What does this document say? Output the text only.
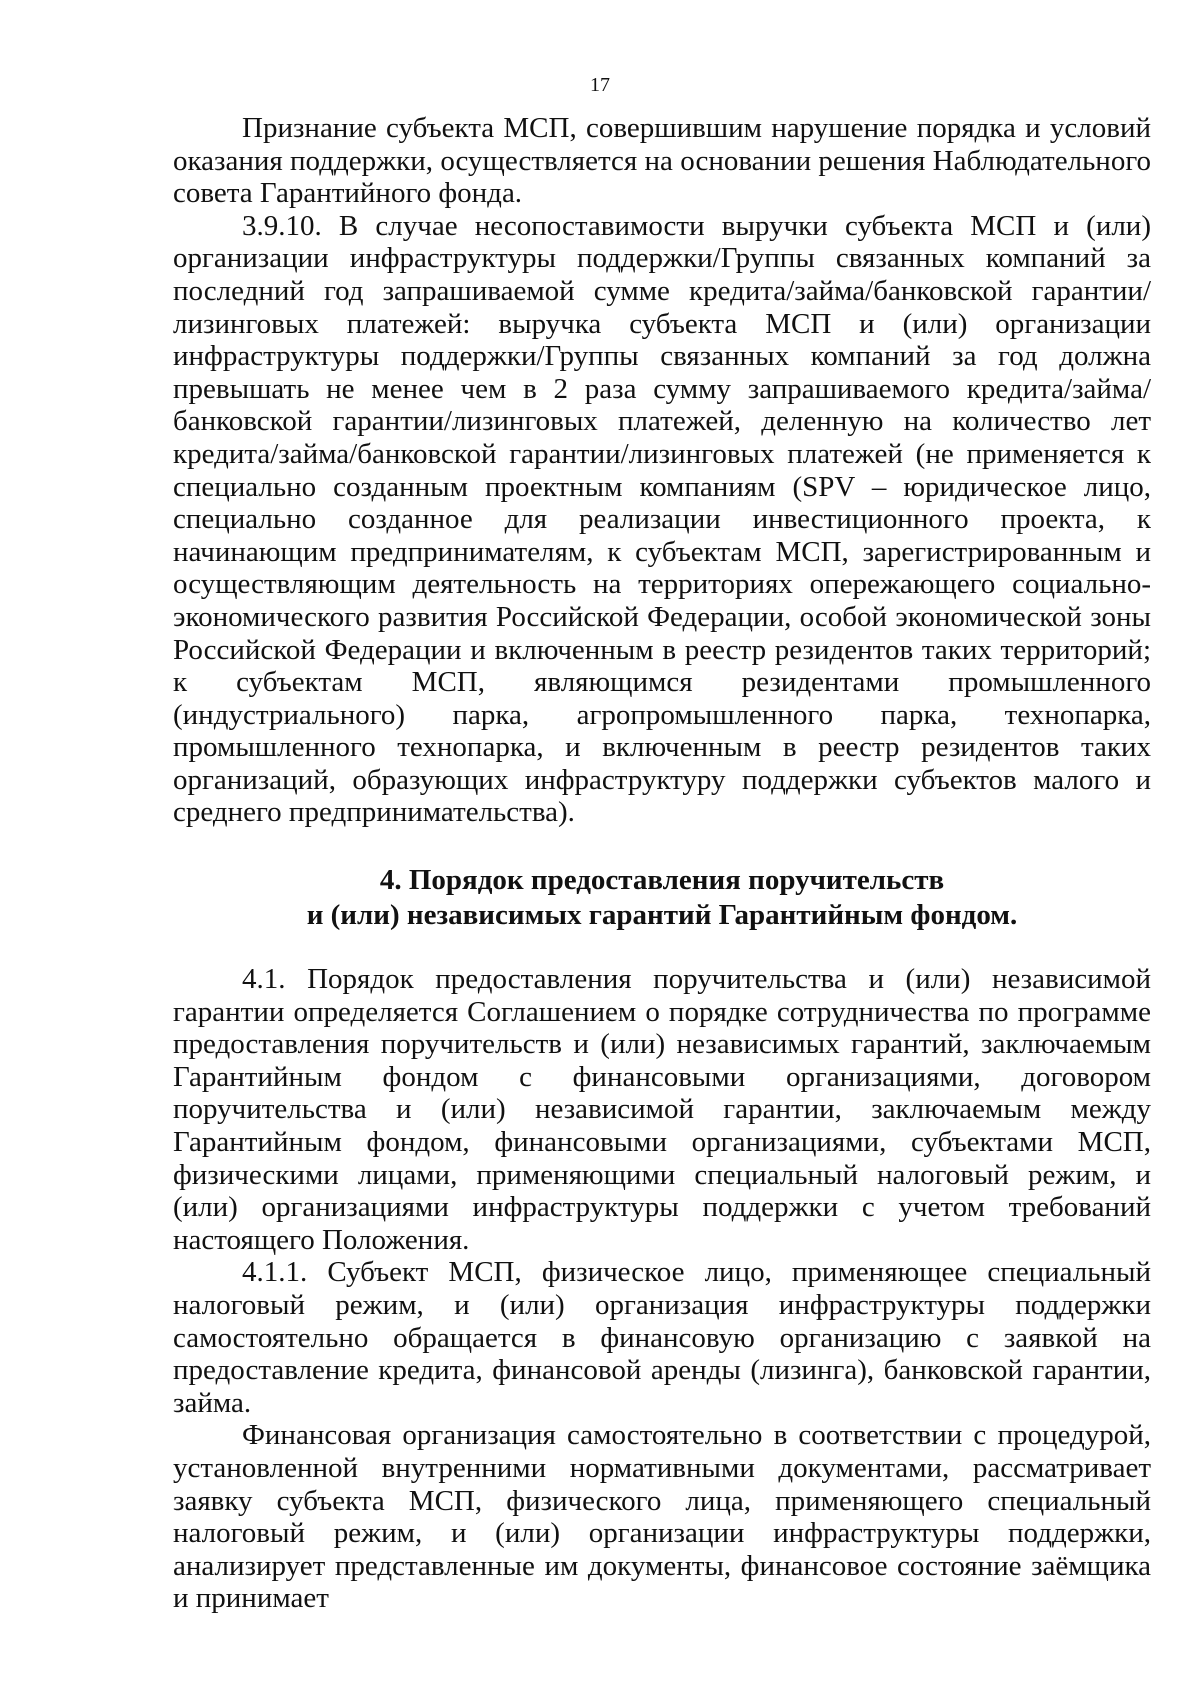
17

Признание субъекта МСП, совершившим нарушение порядка и условий оказания поддержки, осуществляется на основании решения Наблюдательного совета Гарантийного фонда.

3.9.10. В случае несопоставимости выручки субъекта МСП и (или) организации инфраструктуры поддержки/Группы связанных компаний за последний год запрашиваемой сумме кредита/займа/банковской гарантии/лизинговых платежей: выручка субъекта МСП и (или) организации инфраструктуры поддержки/Группы связанных компаний за год должна превышать не менее чем в 2 раза сумму запрашиваемого кредита/займа/банковской гарантии/лизинговых платежей, деленную на количество лет кредита/займа/банковской гарантии/лизинговых платежей (не применяется к специально созданным проектным компаниям (SPV – юридическое лицо, специально созданное для реализации инвестиционного проекта, к начинающим предпринимателям, к субъектам МСП, зарегистрированным и осуществляющим деятельность на территориях опережающего социально-экономического развития Российской Федерации, особой экономической зоны Российской Федерации и включенным в реестр резидентов таких территорий; к субъектам МСП, являющимся резидентами промышленного (индустриального) парка, агропромышленного парка, технопарка, промышленного технопарка, и включенным в реестр резидентов таких организаций, образующих инфраструктуру поддержки субъектов малого и среднего предпринимательства).

4. Порядок предоставления поручительств
и (или) независимых гарантий Гарантийным фондом.

4.1. Порядок предоставления поручительства и (или) независимой гарантии определяется Соглашением о порядке сотрудничества по программе предоставления поручительств и (или) независимых гарантий, заключаемым Гарантийным фондом с финансовыми организациями, договором поручительства и (или) независимой гарантии, заключаемым между Гарантийным фондом, финансовыми организациями, субъектами МСП, физическими лицами, применяющими специальный налоговый режим, и (или) организациями инфраструктуры поддержки с учетом требований настоящего Положения.

4.1.1. Субъект МСП, физическое лицо, применяющее специальный налоговый режим, и (или) организация инфраструктуры поддержки самостоятельно обращается в финансовую организацию с заявкой на предоставление кредита, финансовой аренды (лизинга), банковской гарантии, займа.

Финансовая организация самостоятельно в соответствии с процедурой, установленной внутренними нормативными документами, рассматривает заявку субъекта МСП, физического лица, применяющего специальный налоговый режим, и (или) организации инфраструктуры поддержки, анализирует представленные им документы, финансовое состояние заёмщика и принимает
